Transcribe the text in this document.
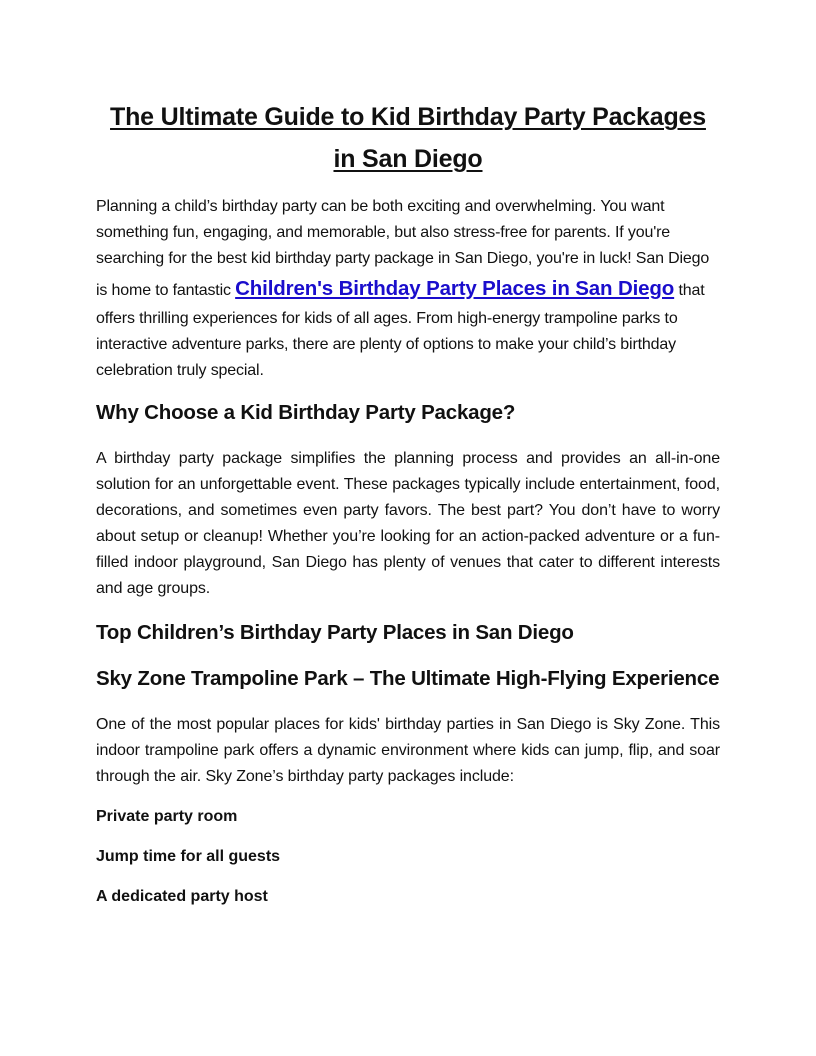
The Ultimate Guide to Kid Birthday Party Packages in San Diego

Planning a child’s birthday party can be both exciting and overwhelming. You want something fun, engaging, and memorable, but also stress-free for parents. If you're searching for the best kid birthday party package in San Diego, you're in luck! San Diego is home to fantastic Children's Birthday Party Places in San Diego that offers thrilling experiences for kids of all ages. From high-energy trampoline parks to interactive adventure parks, there are plenty of options to make your child’s birthday celebration truly special.

Why Choose a Kid Birthday Party Package?

A birthday party package simplifies the planning process and provides an all-in-one solution for an unforgettable event. These packages typically include entertainment, food, decorations, and sometimes even party favors. The best part? You don’t have to worry about setup or cleanup! Whether you’re looking for an action-packed adventure or a fun-filled indoor playground, San Diego has plenty of venues that cater to different interests and age groups.

Top Children’s Birthday Party Places in San Diego
Sky Zone Trampoline Park – The Ultimate High-Flying Experience

One of the most popular places for kids' birthday parties in San Diego is Sky Zone. This indoor trampoline park offers a dynamic environment where kids can jump, flip, and soar through the air. Sky Zone’s birthday party packages include:

Private party room

Jump time for all guests

A dedicated party host
